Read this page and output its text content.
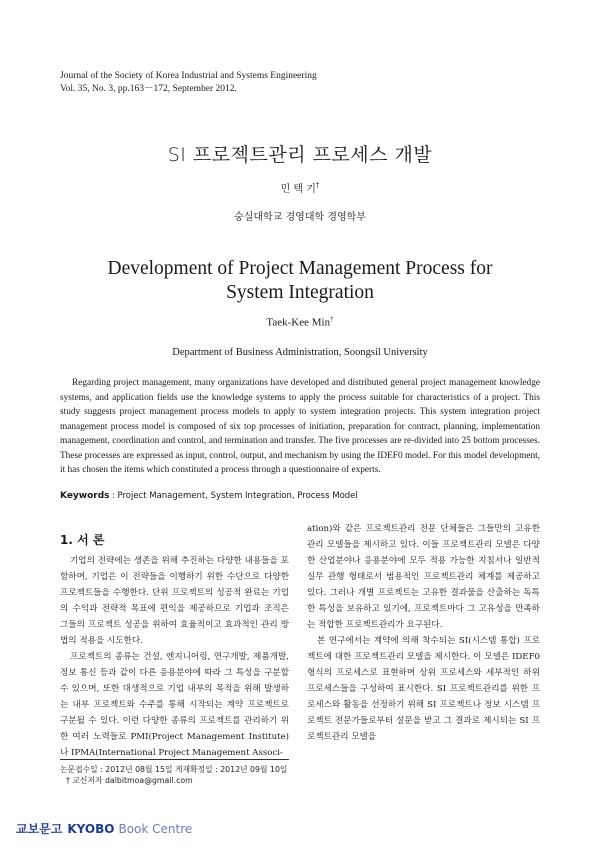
Journal of the Society of Korea Industrial and Systems Engineering
Vol. 35, No. 3, pp.163－172, September 2012.
SI 프로젝트관리 프로세스 개발
민 택 기†
숭실대학교 경영대학 경영학부
Development of Project Management Process for
System Integration
Taek-Kee Min†
Department of Business Administration, Soongsil University
Regarding project management, many organizations have developed and distributed general project management knowledge systems, and application fields use the knowledge systems to apply the process suitable for characteristics of a project. This study suggests project management process models to apply to system integration projects. This system integration project management process model is composed of six top processes of initiation, preparation for contract, planning, implementation management, coordination and control, and termination and transfer. The five processes are re-divided into 25 bottom processes. These processes are expressed as input, control, output, and mechanism by using the IDEF0 model. For this model development, it has chosen the items which constituted a process through a questionnaire of experts.
Keywords : Project Management, System Integration, Process Model
1. 서 론

기업의 전략에는 생존을 위해 추진하는 다양한 내용들을 포함하며, 기업은 이 전략들을 이행하기 위한 수단으로 다양한 프로젝트들을 수행한다. 단위 프로젝트의 성공적 완료는 기업의 수익과 전략적 목표에 편익을 제공하므로 기업과 조직은 그들의 프로젝트 성공을 위하여 효율적이고 효과적인 관리 방법의 적용을 시도한다.

프로젝트의 종류는 건설, 엔지니어링, 연구개발, 제품개발, 정보 통신 등과 같이 다른 응용분야에 따라 그 특성을 구분할 수 있으며, 또한 대생적으로 기업 내부의 목적을 위해 발생하는 내부 프로젝트와 수주를 통해 시작되는 계약 프로젝트로 구분될 수 있다. 이런 다양한 종류의 프로젝트를 관리하기 위한 여러 노력들로 PMI(Project Management Institute)나 IPMA(International Project Management Associ-

ation)와 같은 프로젝트관리 전문 단체들은 그들만의 고유한 관리 모델들을 제시하고 있다. 이들 프로젝트관리 모델은 다양한 산업분야나 응용분야에 모두 적용 가능한 지침서나 일반적 실무 관행 형태로서 범용적인 프로젝트관리 체계를 제공하고 있다. 그러나 개별 프로젝트는 고유한 결과물을 산출하는 독특한 특성을 보유하고 있기에, 프로젝트마다 그 고유성을 만족하는 적합한 프로젝트관리가 요구된다.

본 연구에서는 계약에 의해 착수되는 SI(시스템 통합) 프로젝트에 대한 프로젝트관리 모델을 제시한다. 이 모델은 IDEF0 형식의 프로세스로 표현하며 상위 프로세스와 세부적인 하위 프로세스들을 구성하여 표시한다. SI 프로젝트관리를 위한 프로세스와 활동을 선정하기 위해 SI 프로젝트나 정보 시스템 프로젝트 전문가들로부터 설문을 받고 그 결과로 제시되는 SI 프로젝트관리 모델을

논문접수일 : 2012년 08월 15일 게재확정일 : 2012년 09월 10일
† 교신저자 dalbitmoa@gmail.com
교보문고 KYOBO Book Centre
